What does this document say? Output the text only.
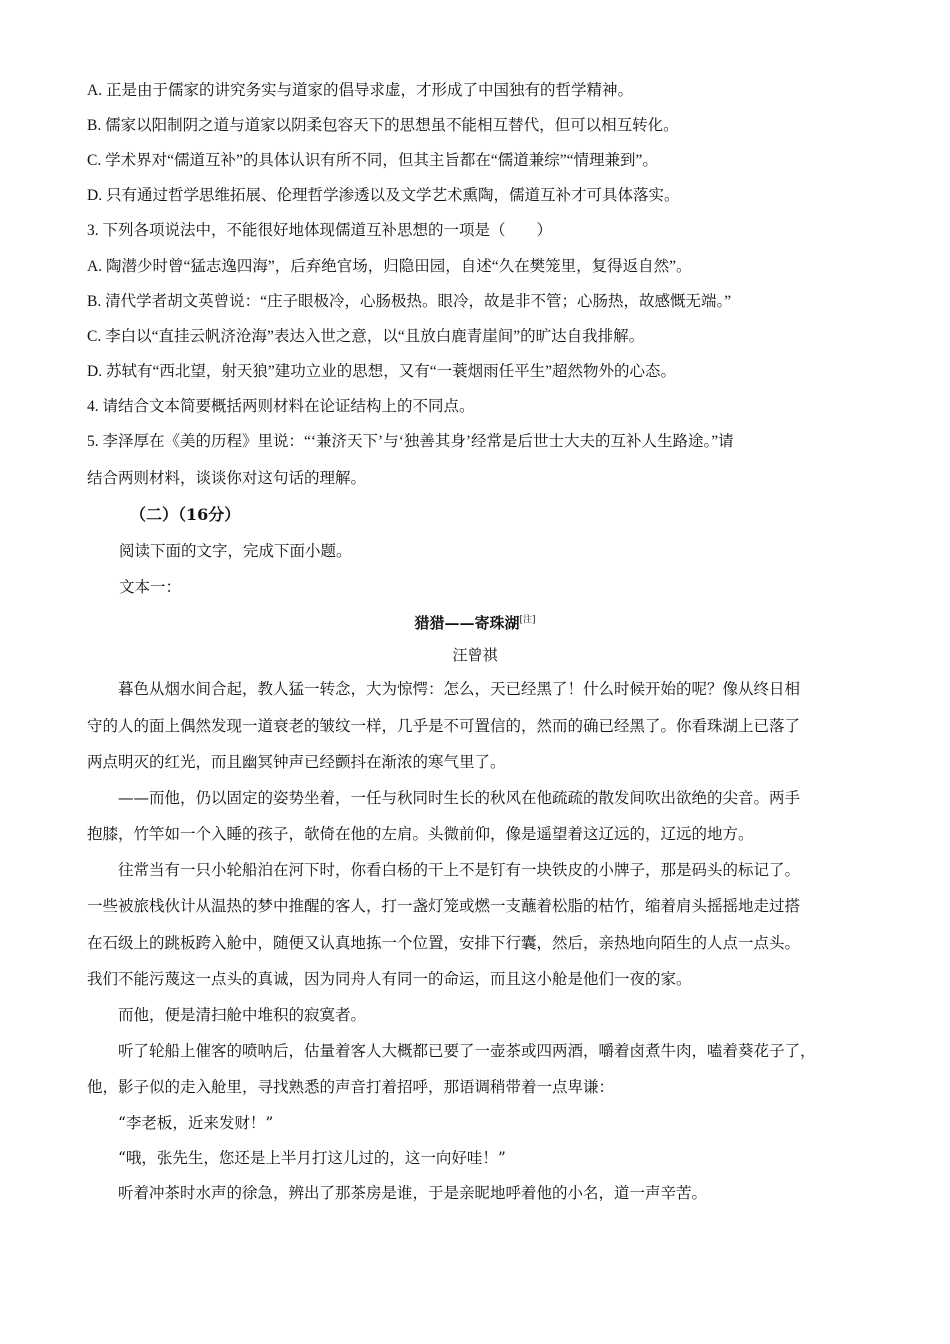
A. 正是由于儒家的讲究务实与道家的倡导求虚，才形成了中国独有的哲学精神。
B. 儒家以阳制阴之道与道家以阴柔包容天下的思想虽不能相互替代，但可以相互转化。
C. 学术界对“儒道互补”的具体认识有所不同，但其主旨都在“儒道兼综”“情理兼到”。
D. 只有通过哲学思维拓展、伦理哲学渗透以及文学艺术熏陶，儒道互补才可具体落实。
3. 下列各项说法中，不能很好地体现儒道互补思想的一项是（　　）
A. 陶潜少时曾“猛志逸四海”，后弃绝官场，归隐田园，自述“久在樊笼里，复得返自然”。
B. 清代学者胡文英曾说：“庄子眼极冷，心肠极热。眼冷，故是非不管；心肠热，故感慨无端。”
C. 李白以“直挂云帆济沧海”表达入世之意，以“且放白鹿青崖间”的旷达自我排解。
D. 苏轼有“西北望，射天狼”建功立业的思想，又有“一蓑烟雨任平生”超然物外的心态。
4. 请结合文本简要概括两则材料在论证结构上的不同点。
5. 李泽厚在《美的历程》里说：“‘兼济天下’与‘独善其身’经常是后世士大夫的互补人生路途。”请
结合两则材料，谈谈你对这句话的理解。
（二）（16分）
阅读下面的文字，完成下面小题。
文本一：
猎猎——寄珠湖[注]
汪曾祺
　　暮色从烟水间合起，教人猛一转念，大为惊愕：怎么，天已经黑了！什么时候开始的呢？像从终日相
守的人的面上偶然发现一道衰老的皱纹一样，几乎是不可置信的，然而的确已经黑了。你看珠湖上已落了
两点明灭的红光，而且幽冥钟声已经颤抖在渐浓的寒气里了。
　　——而他，仍以固定的姿势坐着，一任与秋同时生长的秋风在他疏疏的散发间吹出欲绝的尖音。两手
抱膝，竹竿如一个入睡的孩子，欹倚在他的左肩。头微前仰，像是遥望着这辽远的，辽远的地方。
　　往常当有一只小轮船泊在河下时，你看白杨的干上不是钉有一块铁皮的小牌子，那是码头的标记了。
一些被旅栈伙计从温热的梦中推醒的客人，打一盏灯笼或燃一支蘸着松脂的枯竹，缩着肩头摇摇地走过搭
在石级上的跳板跨入舱中，随便又认真地拣一个位置，安排下行囊，然后，亲热地向陌生的人点一点头。
我们不能污蔑这一点头的真诚，因为同舟人有同一的命运，而且这小舱是他们一夜的家。
　　而他，便是清扫舱中堆积的寂寞者。
　　听了轮船上催客的喷呐后，估量着客人大概都已要了一壶茶或四两酒，嚼着卤煮牛肉，嗑着葵花子了，
他，影子似的走入舱里，寻找熟悉的声音打着招呼，那语调稍带着一点卑谦：
　　“李老板，近来发财！”
　　“哦，张先生，您还是上半月打这儿过的，这一向好哇！”
　　听着冲茶时水声的徐急，辨出了那茶房是谁，于是亲昵地呼着他的小名，道一声辛苦。
